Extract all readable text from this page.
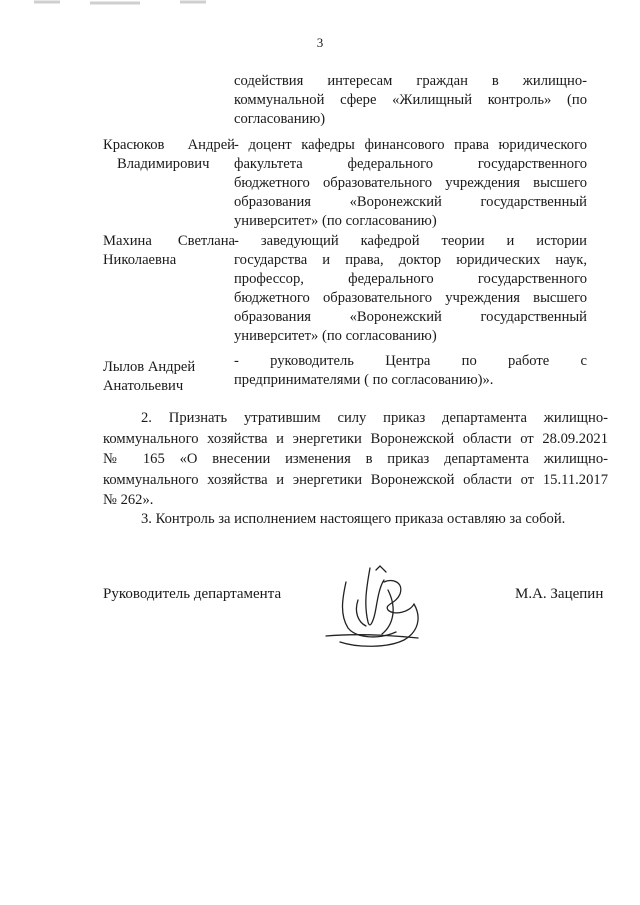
3
содействия интересам граждан в жилищно-
коммунальной сфере «Жилищный контроль» (по
согласованию)
Красюков Андрей
Владимирович
- доцент кафедры финансового права юридического
факультета федерального государственного
бюджетного образовательного учреждения высшего
образования «Воронежский государственный
университет» (по согласованию)
Махина Светлана
Николаевна
- заведующий кафедрой теории и истории
государства и права, доктор юридических наук,
профессор, федерального государственного
бюджетного образовательного учреждения высшего
образования «Воронежский государственный
университет» (по согласованию)
Лылов Андрей
Анатольевич
- руководитель Центра по работе с
предпринимателями ( по согласованию)».
2. Признать утратившим силу приказ департамента жилищно-
коммунального хозяйства и энергетики Воронежской области от 28.09.2021
№ 165 «О внесении изменения в приказ департамента жилищно-
коммунального хозяйства и энергетики Воронежской области от 15.11.2017
№ 262».
3. Контроль за исполнением настоящего приказа оставляю за собой.
Руководитель департамента	М.А. Зацепин
